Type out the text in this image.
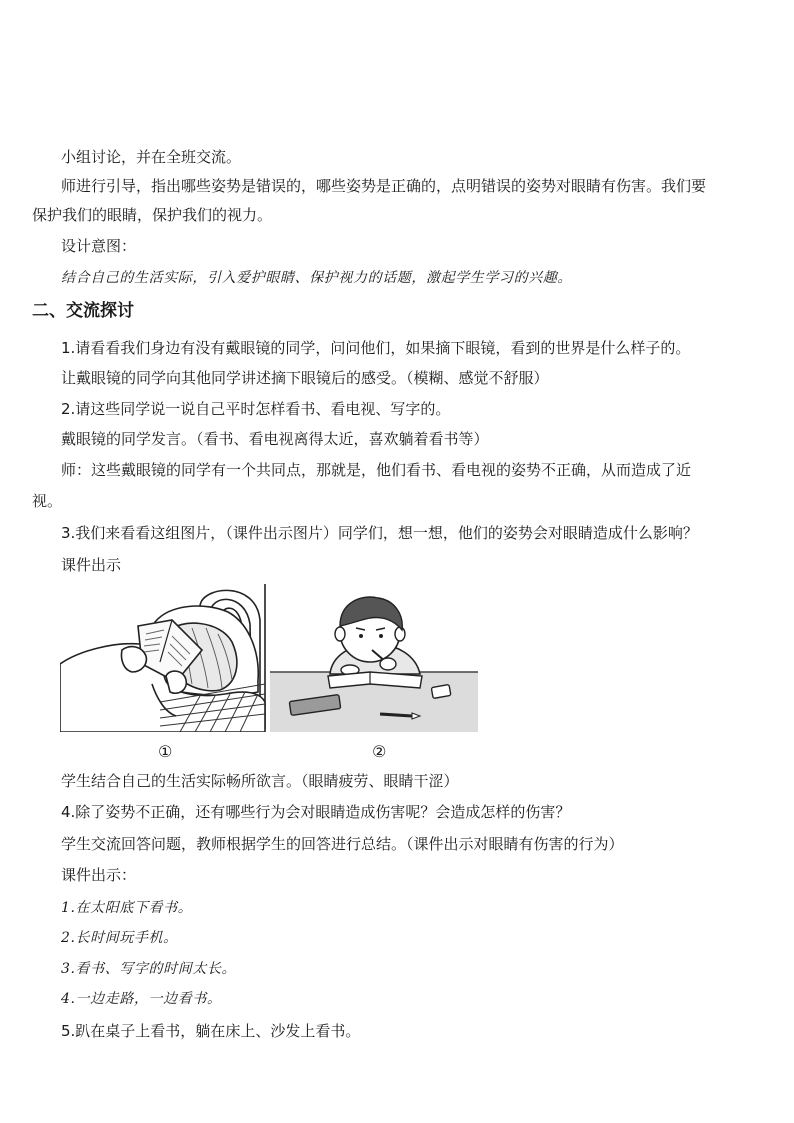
小组讨论，并在全班交流。
师进行引导，指出哪些姿势是错误的，哪些姿势是正确的，点明错误的姿势对眼睛有伤害。我们要
保护我们的眼睛，保护我们的视力。
设计意图：
结合自己的生活实际，引入爱护眼睛、保护视力的话题，激起学生学习的兴趣。
二、交流探讨
1.请看看我们身边有没有戴眼镜的同学，问问他们，如果摘下眼镜，看到的世界是什么样子的。
让戴眼镜的同学向其他同学讲述摘下眼镜后的感受。（模糊、感觉不舒服）
2.请这些同学说一说自己平时怎样看书、看电视、写字的。
戴眼镜的同学发言。（看书、看电视离得太近，喜欢躺着看书等）
师：这些戴眼镜的同学有一个共同点，那就是，他们看书、看电视的姿势不正确，从而造成了近
视。
3.我们来看看这组图片，（课件出示图片）同学们，想一想，他们的姿势会对眼睛造成什么影响？
课件出示
①	②
学生结合自己的生活实际畅所欲言。（眼睛疲劳、眼睛干涩）
4.除了姿势不正确，还有哪些行为会对眼睛造成伤害呢？会造成怎样的伤害？
学生交流回答问题，教师根据学生的回答进行总结。（课件出示对眼睛有伤害的行为）
课件出示：
1.在太阳底下看书。
2.长时间玩手机。
3.看书、写字的时间太长。
4.一边走路，一边看书。
5.趴在桌子上看书，躺在床上、沙发上看书。
